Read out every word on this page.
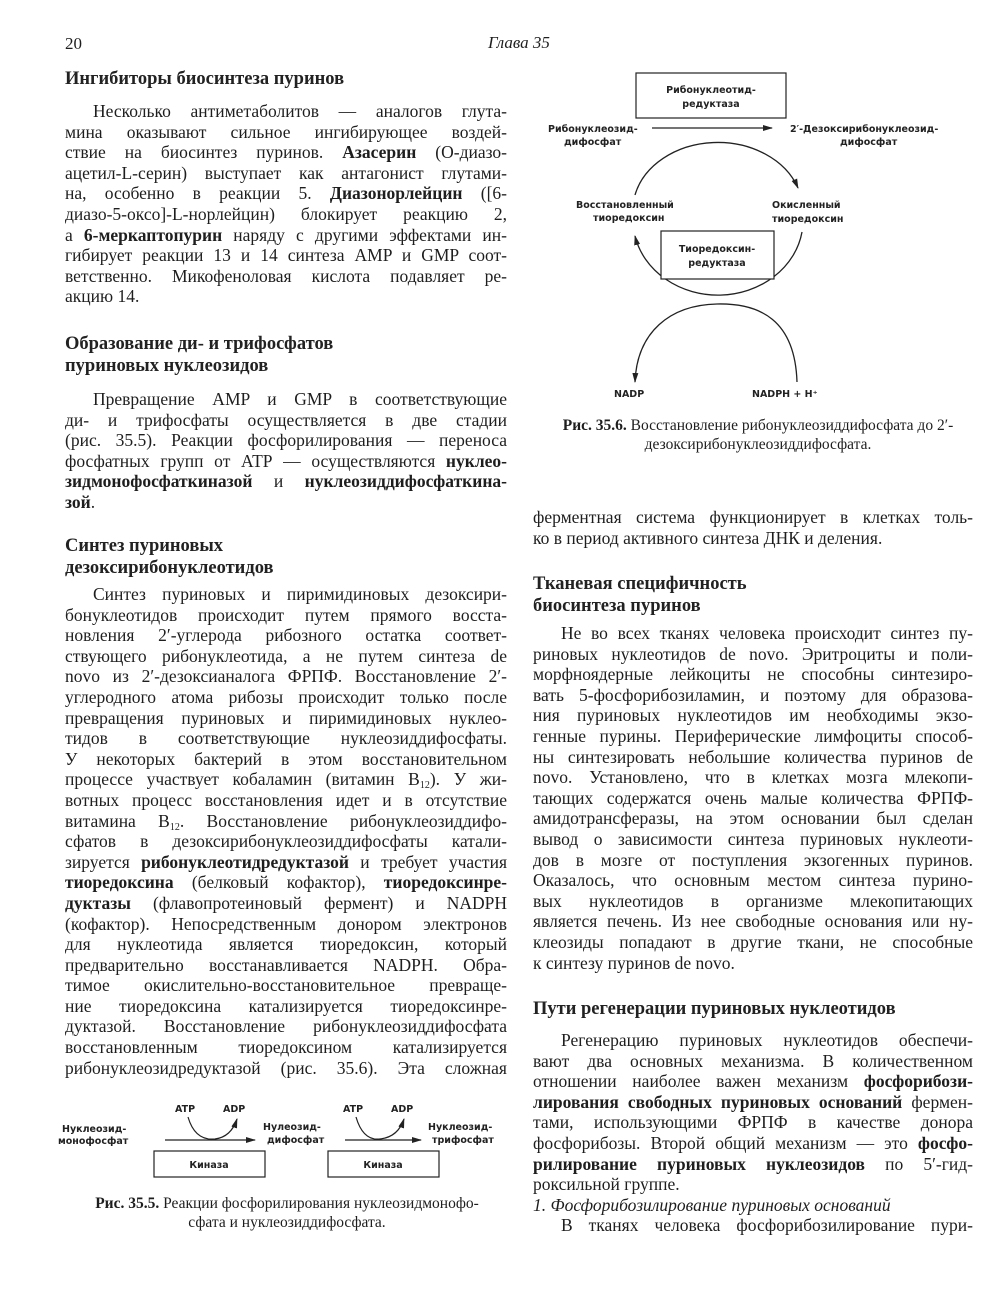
20	Глава 35
Ингибиторы биосинтеза пуринов
Несколько антиметаболитов — аналогов глута-
мина оказывают сильное ингибирующее воздей-
ствие на биосинтез пуринов. Азасерин (О-диазо-
ацетил-L-серин) выступает как антагонист глутами-
на, особенно в реакции 5. Диазонорлейцин ([6-
диазо-5-оксо]-L-норлейцин) блокирует реакцию 2,
а 6-меркаптопурин наряду с другими эффектами ин-
гибирует реакции 13 и 14 синтеза AMP и GMP соот-
ветственно. Микофеноловая кислота подавляет ре-
акцию 14.
Образование ди- и трифосфатов
пуриновых нуклеозидов
Превращение AMP и GMP в соответствующие
ди- и трифосфаты осуществляется в две стадии
(рис. 35.5). Реакции фосфорилирования — переноса
фосфатных групп от АТР — осуществляются нуклео-
зидмонофосфаткиназой и нуклеозиддифосфаткина-
зой.
Синтез пуриновых
дезоксирибонуклеотидов
Синтез пуриновых и пиримидиновых дезоксири-
бонуклеотидов происходит путем прямого восста-
новления 2′-углерода рибозного остатка соответ-
ствующего рибонуклеотида, а не путем синтеза de
novo из 2′-дезоксианалога ФРПФ. Восстановление 2′-
углеродного атома рибозы происходит только после
превращения пуриновых и пиримидиновых нуклео-
тидов в соответствующие нуклеозиддифосфаты.
У некоторых бактерий в этом восстановительном
процессе участвует кобаламин (витамин $B_{12}$). У жи-
вотных процесс восстановления идет и в отсутствие
витамина $B_{12}$. Восстановление рибонуклеозиддифо-
сфатов в дезоксирибонуклеозиддифосфаты катали-
зируется рибонуклеотидредуктазой и требует участия
тиоредоксина (белковый кофактор), тиоредоксинре-
дуктазы (флавопротеиновый фермент) и NADPH
(кофактор). Непосредственным донором электронов
для нуклеотида является тиоредоксин, который
предварительно восстанавливается NADPH. Обра-
тимое окислительно-восстановительное превраще-
ние тиоредоксина катализируется тиоредоксинре-
дуктазой. Восстановление рибонуклеозиддифосфата
восстановленным тиоредоксином катализируется
рибонуклеозидредуктазой (рис. 35.6). Эта сложная
Нуклеозид-
монофосфат
ATP	ADP
Киназа
Нулеозид-
дифосфат
ATP	ADP
Киназа
Нуклеозид-
трифосфат
Рис. 35.5. Реакции фосфорилирования нуклеозидмонофо-
сфата и нуклеозиддифосфата.
Рибонуклеотид-
редуктаза
Рибонуклеозид-
дифосфат
2′-Дезоксирибонуклеозид-
дифосфат
Восстановленный
тиоредоксин
Окисленный
тиоредоксин
Тиоредоксин-
редуктаза
NADP	NADPH + H⁺
Рис. 35.6. Восстановление рибонуклеозиддифосфата до 2′-
дезоксирибонуклеозиддифосфата.
ферментная система функционирует в клетках толь-
ко в период активного синтеза ДНК и деления.
Тканевая специфичность
биосинтеза пуринов
Не во всех тканях человека происходит синтез пу-
риновых нуклеотидов de novo. Эритроциты и поли-
морфноядерные лейкоциты не способны синтезиро-
вать 5-фосфорибозиламин, и поэтому для образова-
ния пуриновых нуклеотидов им необходимы экзо-
генные пурины. Периферические лимфоциты способ-
ны синтезировать небольшие количества пуринов de
novo. Установлено, что в клетках мозга млекопи-
тающих содержатся очень малые количества ФРПФ-
амидотрансферазы, на этом основании был сделан
вывод о зависимости синтеза пуриновых нуклеоти-
дов в мозге от поступления экзогенных пуринов.
Оказалось, что основным местом синтеза пурино-
вых нуклеотидов в организме млекопитающих
является печень. Из нее свободные основания или ну-
клеозиды попадают в другие ткани, не способные
к синтезу пуринов de novo.
Пути регенерации пуриновых нуклеотидов
Регенерацию пуриновых нуклеотидов обеспечи-
вают два основных механизма. В количественном
отношении наиболее важен механизм фосфорибози-
лирования свободных пуриновых оснований фермен-
тами, использующими ФРПФ в качестве донора
фосфорибозы. Второй общий механизм — это фосфо-
рилирование пуриновых нуклеозидов по 5′-гид-
роксильной группе.
1. Фосфорибозилирование пуриновых оснований
В тканях человека фосфорибозилирование пури-
